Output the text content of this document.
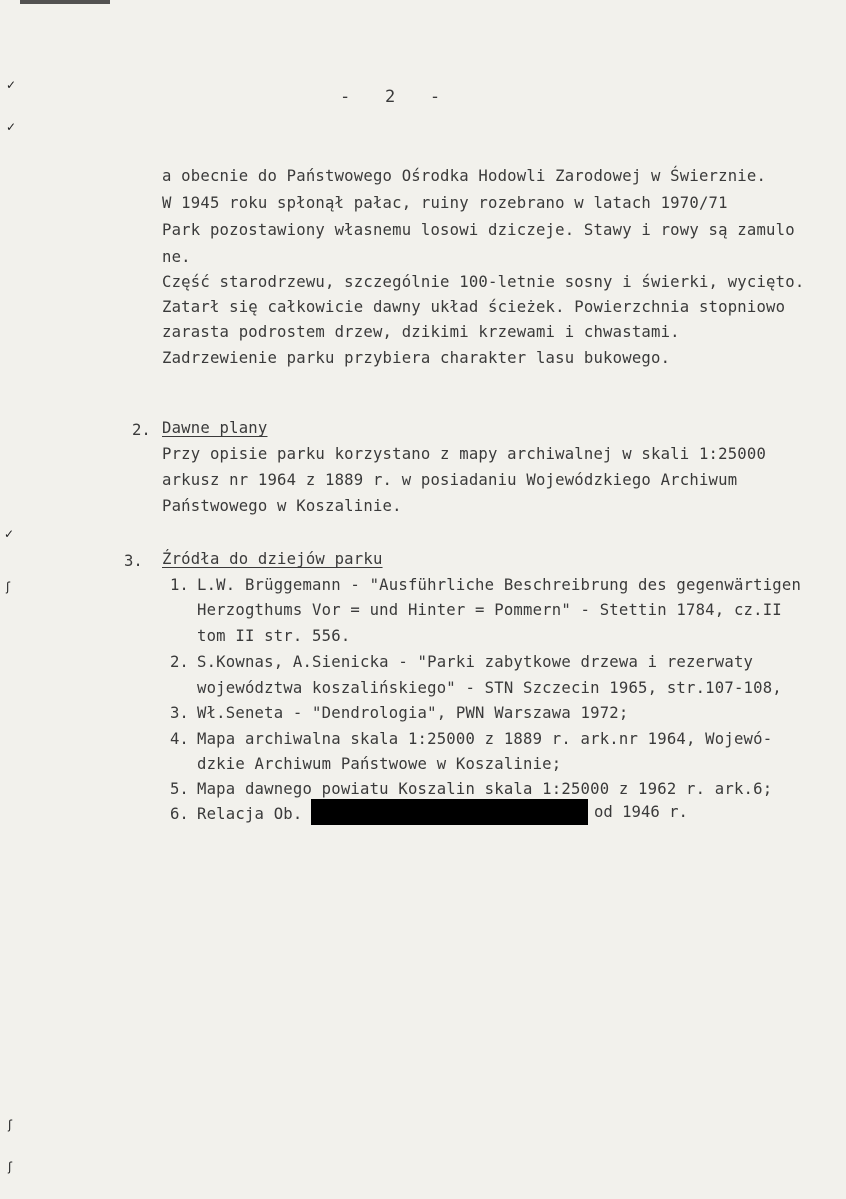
✓
✓
✓
ʃ
ʃ
ʃ
-   2   -
a obecnie do Państwowego Ośrodka Hodowli Zarodowej w Świerznie.
W 1945 roku spłonął pałac, ruiny rozebrano w latach 1970/71
Park pozostawiony własnemu losowi dziczeje. Stawy i rowy są zamulo
ne.
Część starodrzewu, szczególnie 100-letnie sosny i świerki, wycięto.
Zatarł się całkowicie dawny układ ścieżek. Powierzchnia stopniowo
zarasta podrostem drzew, dzikimi krzewami i chwastami.
Zadrzewienie parku przybiera charakter lasu bukowego.
2. Dawne plany
Przy opisie parku korzystano z mapy archiwalnej w skali 1:25000
arkusz nr 1964 z 1889 r. w posiadaniu Wojewódzkiego Archiwum
Państwowego w Koszalinie.
3. Źródła do dziejów parku
1. L.W. Brüggemann - "Ausführliche Beschreibrung des gegenwärtigen
Herzogthums Vor = und Hinter = Pommern" - Stettin 1784, cz.II
tom II str. 556.
2. S.Kownas, A.Sienicka - "Parki zabytkowe drzewa i rezerwaty
województwa koszalińskiego" - STN Szczecin 1965, str.107-108,
3. Wł.Seneta - "Dendrologia", PWN Warszawa 1972;
4. Mapa archiwalna skala 1:25000 z 1889 r. ark.nr 1964, Wojewó-
dzkie Archiwum Państwowe w Koszalinie;
5. Mapa dawnego powiatu Koszalin skala 1:25000 z 1962 r. ark.6;
6. Relacja Ob.	od 1946 r.
